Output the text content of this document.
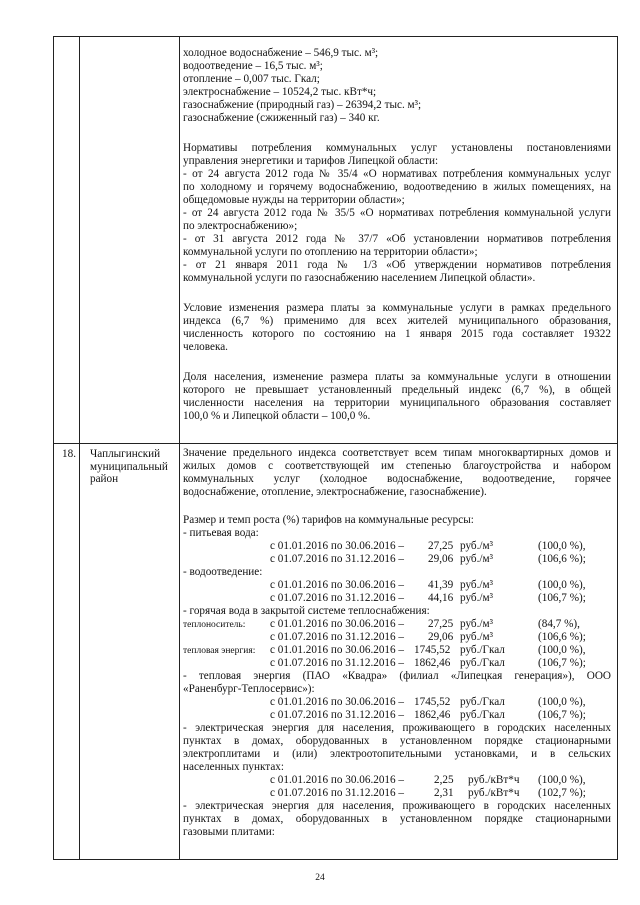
холодное водоснабжение – 546,9 тыс. м³;
водоотведение – 16,5 тыс. м³;
отопление – 0,007 тыс. Гкал;
электроснабжение – 10524,2 тыс. кВт*ч;
газоснабжение (природный газ) – 26394,2 тыс. м³;
газоснабжение (сжиженный газ) – 340 кг.
Нормативы потребления коммунальных услуг установлены постановлениями
управления энергетики и тарифов Липецкой области:
- от 24 августа 2012 года № 35/4 «О нормативах потребления коммунальных услуг
по холодному и горячему водоснабжению, водоотведению в жилых помещениях, на
общедомовые нужды на территории области»;
- от 24 августа 2012 года № 35/5 «О нормативах потребления коммунальной услуги
по электроснабжению»;
- от 31 августа 2012 года № 37/7 «Об установлении нормативов потребления
коммунальной услуги по отоплению на территории области»;
- от 21 января 2011 года № 1/3 «Об утверждении нормативов потребления
коммунальной услуги по газоснабжению населением Липецкой области».
Условие изменения размера платы за коммунальные услуги в рамках предельного
индекса (6,7 %) применимо для всех жителей муниципального образования,
численность которого по состоянию на 1 января 2015 года составляет 19322
человека.
Доля населения, изменение размера платы за коммунальные услуги в отношении
которого не превышает установленный предельный индекс (6,7 %), в общей
численности населения на территории муниципального образования составляет
100,0 % и Липецкой области – 100,0 %.
18. Чаплыгинский муниципальный район
Значение предельного индекса соответствует всем типам многоквартирных домов и
жилых домов с соответствующей им степенью благоустройства и набором
коммунальных услуг (холодное водоснабжение, водоотведение, горячее
водоснабжение, отопление, электроснабжение, газоснабжение).
Размер и темп роста (%) тарифов на коммунальные ресурсы:
- питьевая вода:
с 01.01.2016 по 30.06.2016 – 27,25 руб./м³	(100,0 %),
с 01.07.2016 по 31.12.2016 – 29,06 руб./м³	(106,6 %);
- водоотведение:
с 01.01.2016 по 30.06.2016 – 41,39 руб./м³	(100,0 %),
с 01.07.2016 по 31.12.2016 – 44,16 руб./м³	(106,7 %);
- горячая вода в закрытой системе теплоснабжения:
теплоноситель: с 01.01.2016 по 30.06.2016 – 27,25 руб./м³	(84,7 %),
с 01.07.2016 по 31.12.2016 – 29,06 руб./м³	(106,6 %);
тепловая энергия: с 01.01.2016 по 30.06.2016 – 1745,52 руб./Гкал	(100,0 %),
с 01.07.2016 по 31.12.2016 – 1862,46 руб./Гкал	(106,7 %);
- тепловая энергия (ПАО «Квадра» (филиал «Липецкая генерация»), ООО
«Раненбург-Теплосервис»):
с 01.01.2016 по 30.06.2016 – 1745,52 руб./Гкал	(100,0 %),
с 01.07.2016 по 31.12.2016 – 1862,46 руб./Гкал	(106,7 %);
- электрическая энергия для населения, проживающего в городских населенных
пунктах в домах, оборудованных в установленном порядке стационарными
электроплитами и (или) электроотопительными установками, и в сельских
населенных пунктах:
с 01.01.2016 по 30.06.2016 –	2,25 руб./кВт*ч (100,0 %),
с 01.07.2016 по 31.12.2016 –	2,31 руб./кВт*ч (102,7 %);
- электрическая энергия для населения, проживающего в городских населенных
пунктах в домах, оборудованных в установленном порядке стационарными
газовыми плитами:
24
